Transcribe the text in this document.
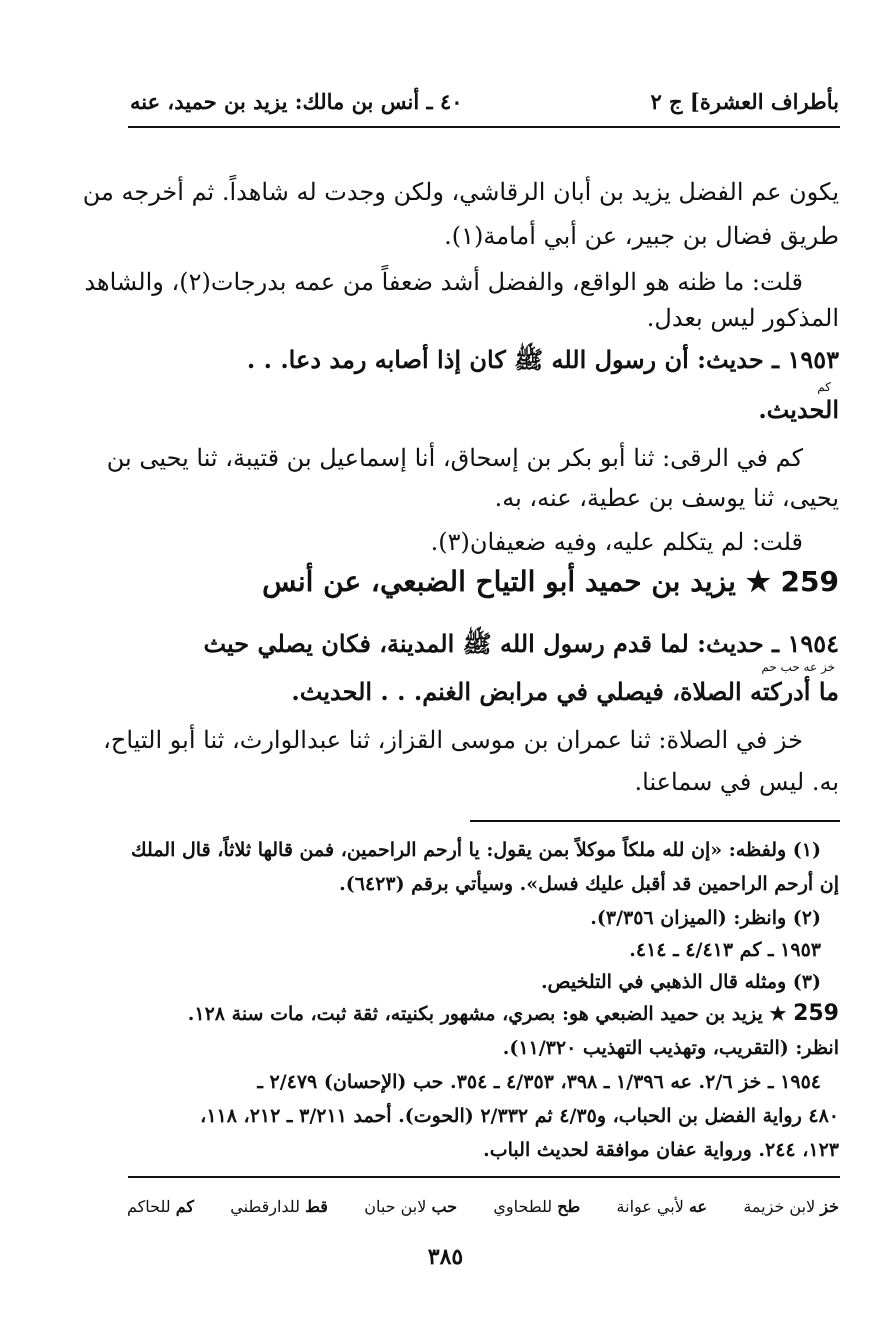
بأطراف العشرة] ج ٢
٤٠ ـ أنس بن مالك: يزيد بن حميد، عنه
يكون عم الفضل يزيد بن أبان الرقاشي، ولكن وجدت له شاهداً. ثم أخرجه من
طريق فضال بن جبير، عن أبي أمامة(١).
قلت: ما ظنه هو الواقع، والفضل أشد ضعفاً من عمه بدرجات(٢)، والشاهد
المذكور ليس بعدل.
١٩٥٣ ـ حديث: أن رسول الله ﷺ كان إذا أصابه رمد دعا. . .
كم
الحديث.
كم في الرقى: ثنا أبو بكر بن إسحاق، أنا إسماعيل بن قتيبة، ثنا يحيى بن
يحيى، ثنا يوسف بن عطية، عنه، به.
قلت: لم يتكلم عليه، وفيه ضعيفان(٣).
259 ★ يزيد بن حميد أبو التياح الضبعي، عن أنس
١٩٥٤ ـ حديث: لما قدم رسول الله ﷺ المدينة، فكان يصلي حيث
خز عه حب حم
ما أدركته الصلاة، فيصلي في مرابض الغنم. . . الحديث.
خز في الصلاة: ثنا عمران بن موسى القزاز، ثنا عبدالوارث، ثنا أبو التياح،
به. ليس في سماعنا.
(١) ولفظه: «إن لله ملكاً موكلاً بمن يقول: يا أرحم الراحمين، فمن قالها ثلاثاً، قال الملك
إن أرحم الراحمين قد أقبل عليك فسل». وسيأتي برقم (٦٤٢٣).
(٢) وانظر: (الميزان ٣/٣٥٦).
١٩٥٣ ـ كم ٤/٤١٣ ـ ٤١٤.
(٣) ومثله قال الذهبي في التلخيص.
259 ★ يزيد بن حميد الضبعي هو: بصري، مشهور بكنيته، ثقة ثبت، مات سنة ١٢٨.
انظر: (التقريب، وتهذيب التهذيب ١١/٣٢٠).
١٩٥٤ ـ خز ٢/٦. عه ١/٣٩٦ ـ ٣٩٨، ٤/٣٥٣ ـ ٣٥٤. حب (الإحسان) ٢/٤٧٩ ـ
٤٨٠ رواية الفضل بن الحباب، و٤/٣٥ ثم ٢/٣٣٢ (الحوت). أحمد ٣/٢١١ ـ ٢١٢، ١١٨،
١٢٣، ٢٤٤. ورواية عفان موافقة لحديث الباب.
خز لابن خزيمة
عه لأبي عوانة
طح للطحاوي
حب لابن حبان
قط للدارقطني
كم للحاكم
٣٨٥
